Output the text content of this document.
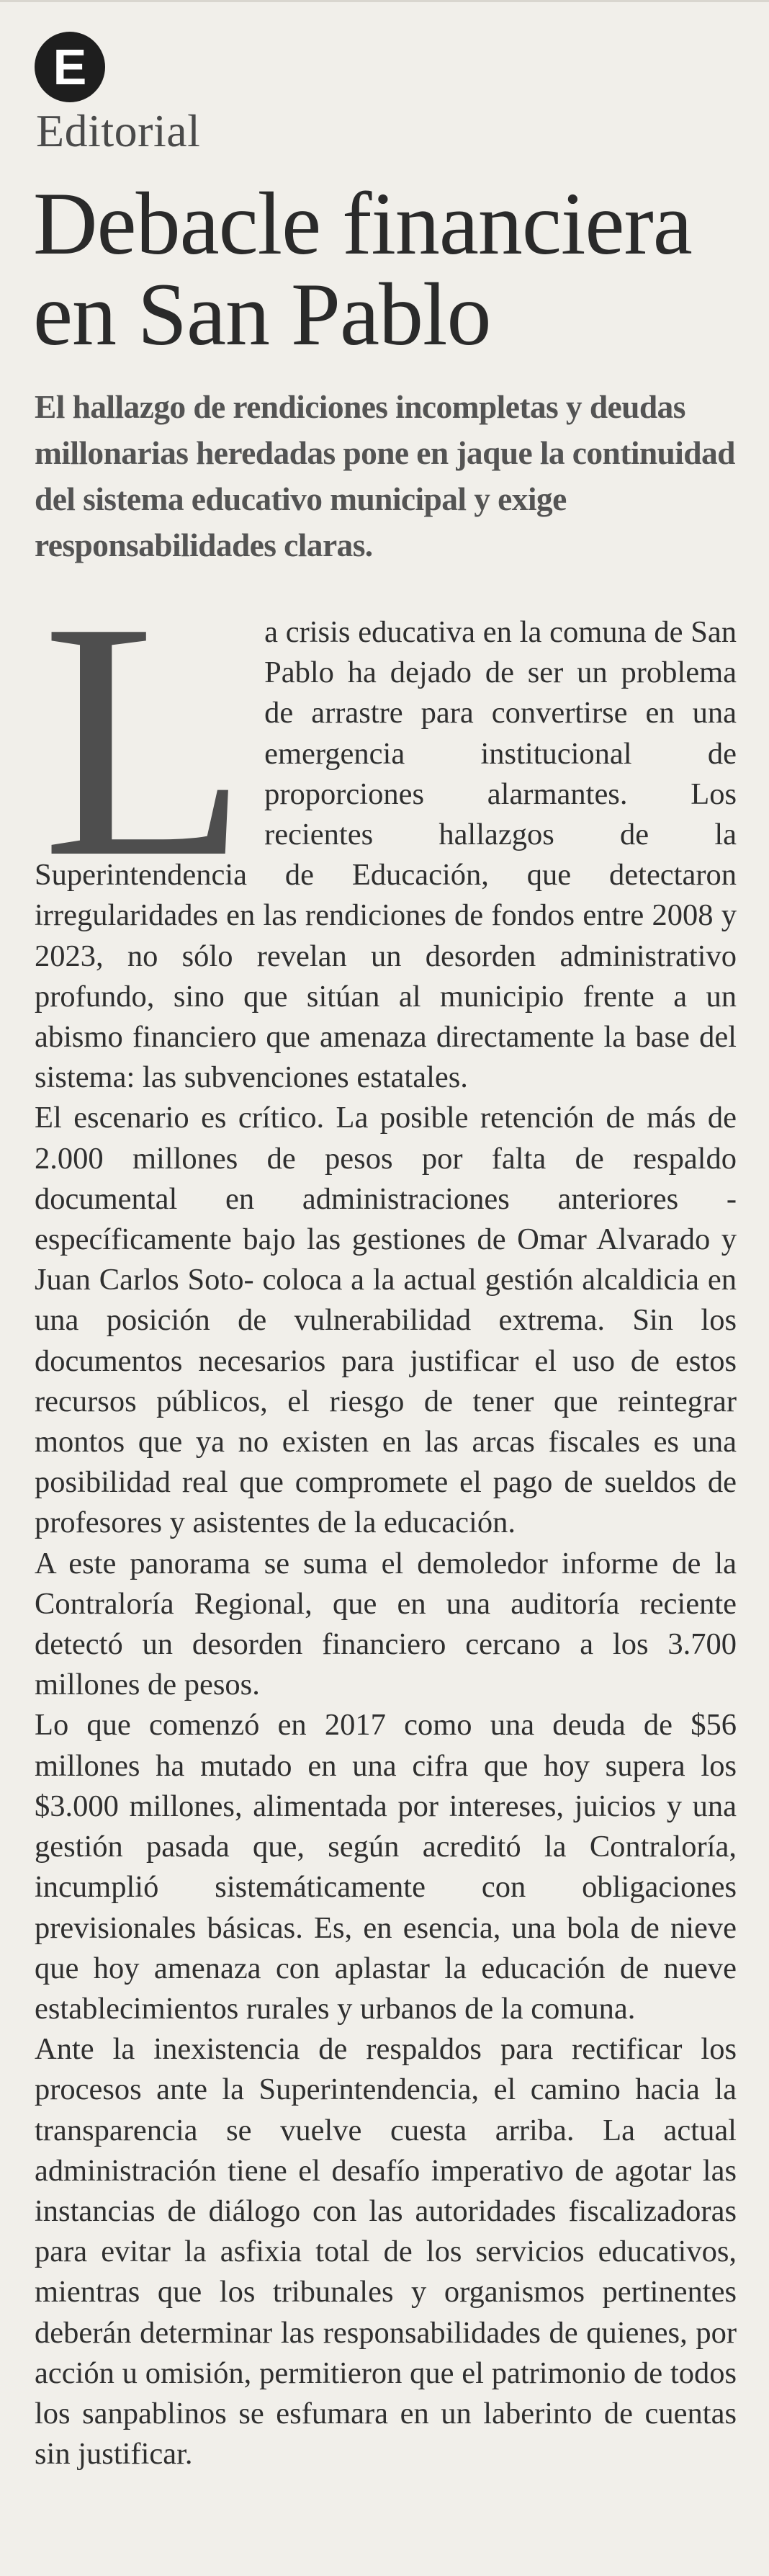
E
Editorial
Debacle financiera en San Pablo

El hallazgo de rendiciones incompletas y deudas millonarias heredadas pone en jaque la continuidad del sistema educativo municipal y exige responsabilidades claras.

La crisis educativa en la comuna de San Pablo ha dejado de ser un problema de arrastre para convertirse en una emergencia institucional de proporciones alarmantes. Los recientes hallazgos de la Superintendencia de Educación, que detectaron irregularidades en las rendiciones de fondos entre 2008 y 2023, no sólo revelan un desorden administrativo profundo, sino que sitúan al municipio frente a un abismo financiero que amenaza directamente la base del sistema: las subvenciones estatales.

El escenario es crítico. La posible retención de más de 2.000 millones de pesos por falta de respaldo documental en administraciones anteriores -específicamente bajo las gestiones de Omar Alvarado y Juan Carlos Soto- coloca a la actual gestión alcaldicia en una posición de vulnerabilidad extrema. Sin los documentos necesarios para justificar el uso de estos recursos públicos, el riesgo de tener que reintegrar montos que ya no existen en las arcas fiscales es una posibilidad real que compromete el pago de sueldos de profesores y asistentes de la educación.

A este panorama se suma el demoledor informe de la Contraloría Regional, que en una auditoría reciente detectó un desorden financiero cercano a los 3.700 millones de pesos.

Lo que comenzó en 2017 como una deuda de $56 millones ha mutado en una cifra que hoy supera los $3.000 millones, alimentada por intereses, juicios y una gestión pasada que, según acreditó la Contraloría, incumplió sistemáticamente con obligaciones previsionales básicas. Es, en esencia, una bola de nieve que hoy amenaza con aplastar la educación de nueve establecimientos rurales y urbanos de la comuna.

Ante la inexistencia de respaldos para rectificar los procesos ante la Superintendencia, el camino hacia la transparencia se vuelve cuesta arriba. La actual administración tiene el desafío imperativo de agotar las instancias de diálogo con las autoridades fiscalizadoras para evitar la asfixia total de los servicios educativos, mientras que los tribunales y organismos pertinentes deberán determinar las responsabilidades de quienes, por acción u omisión, permitieron que el patrimonio de todos los sanpablinos se esfumara en un laberinto de cuentas sin justificar.
